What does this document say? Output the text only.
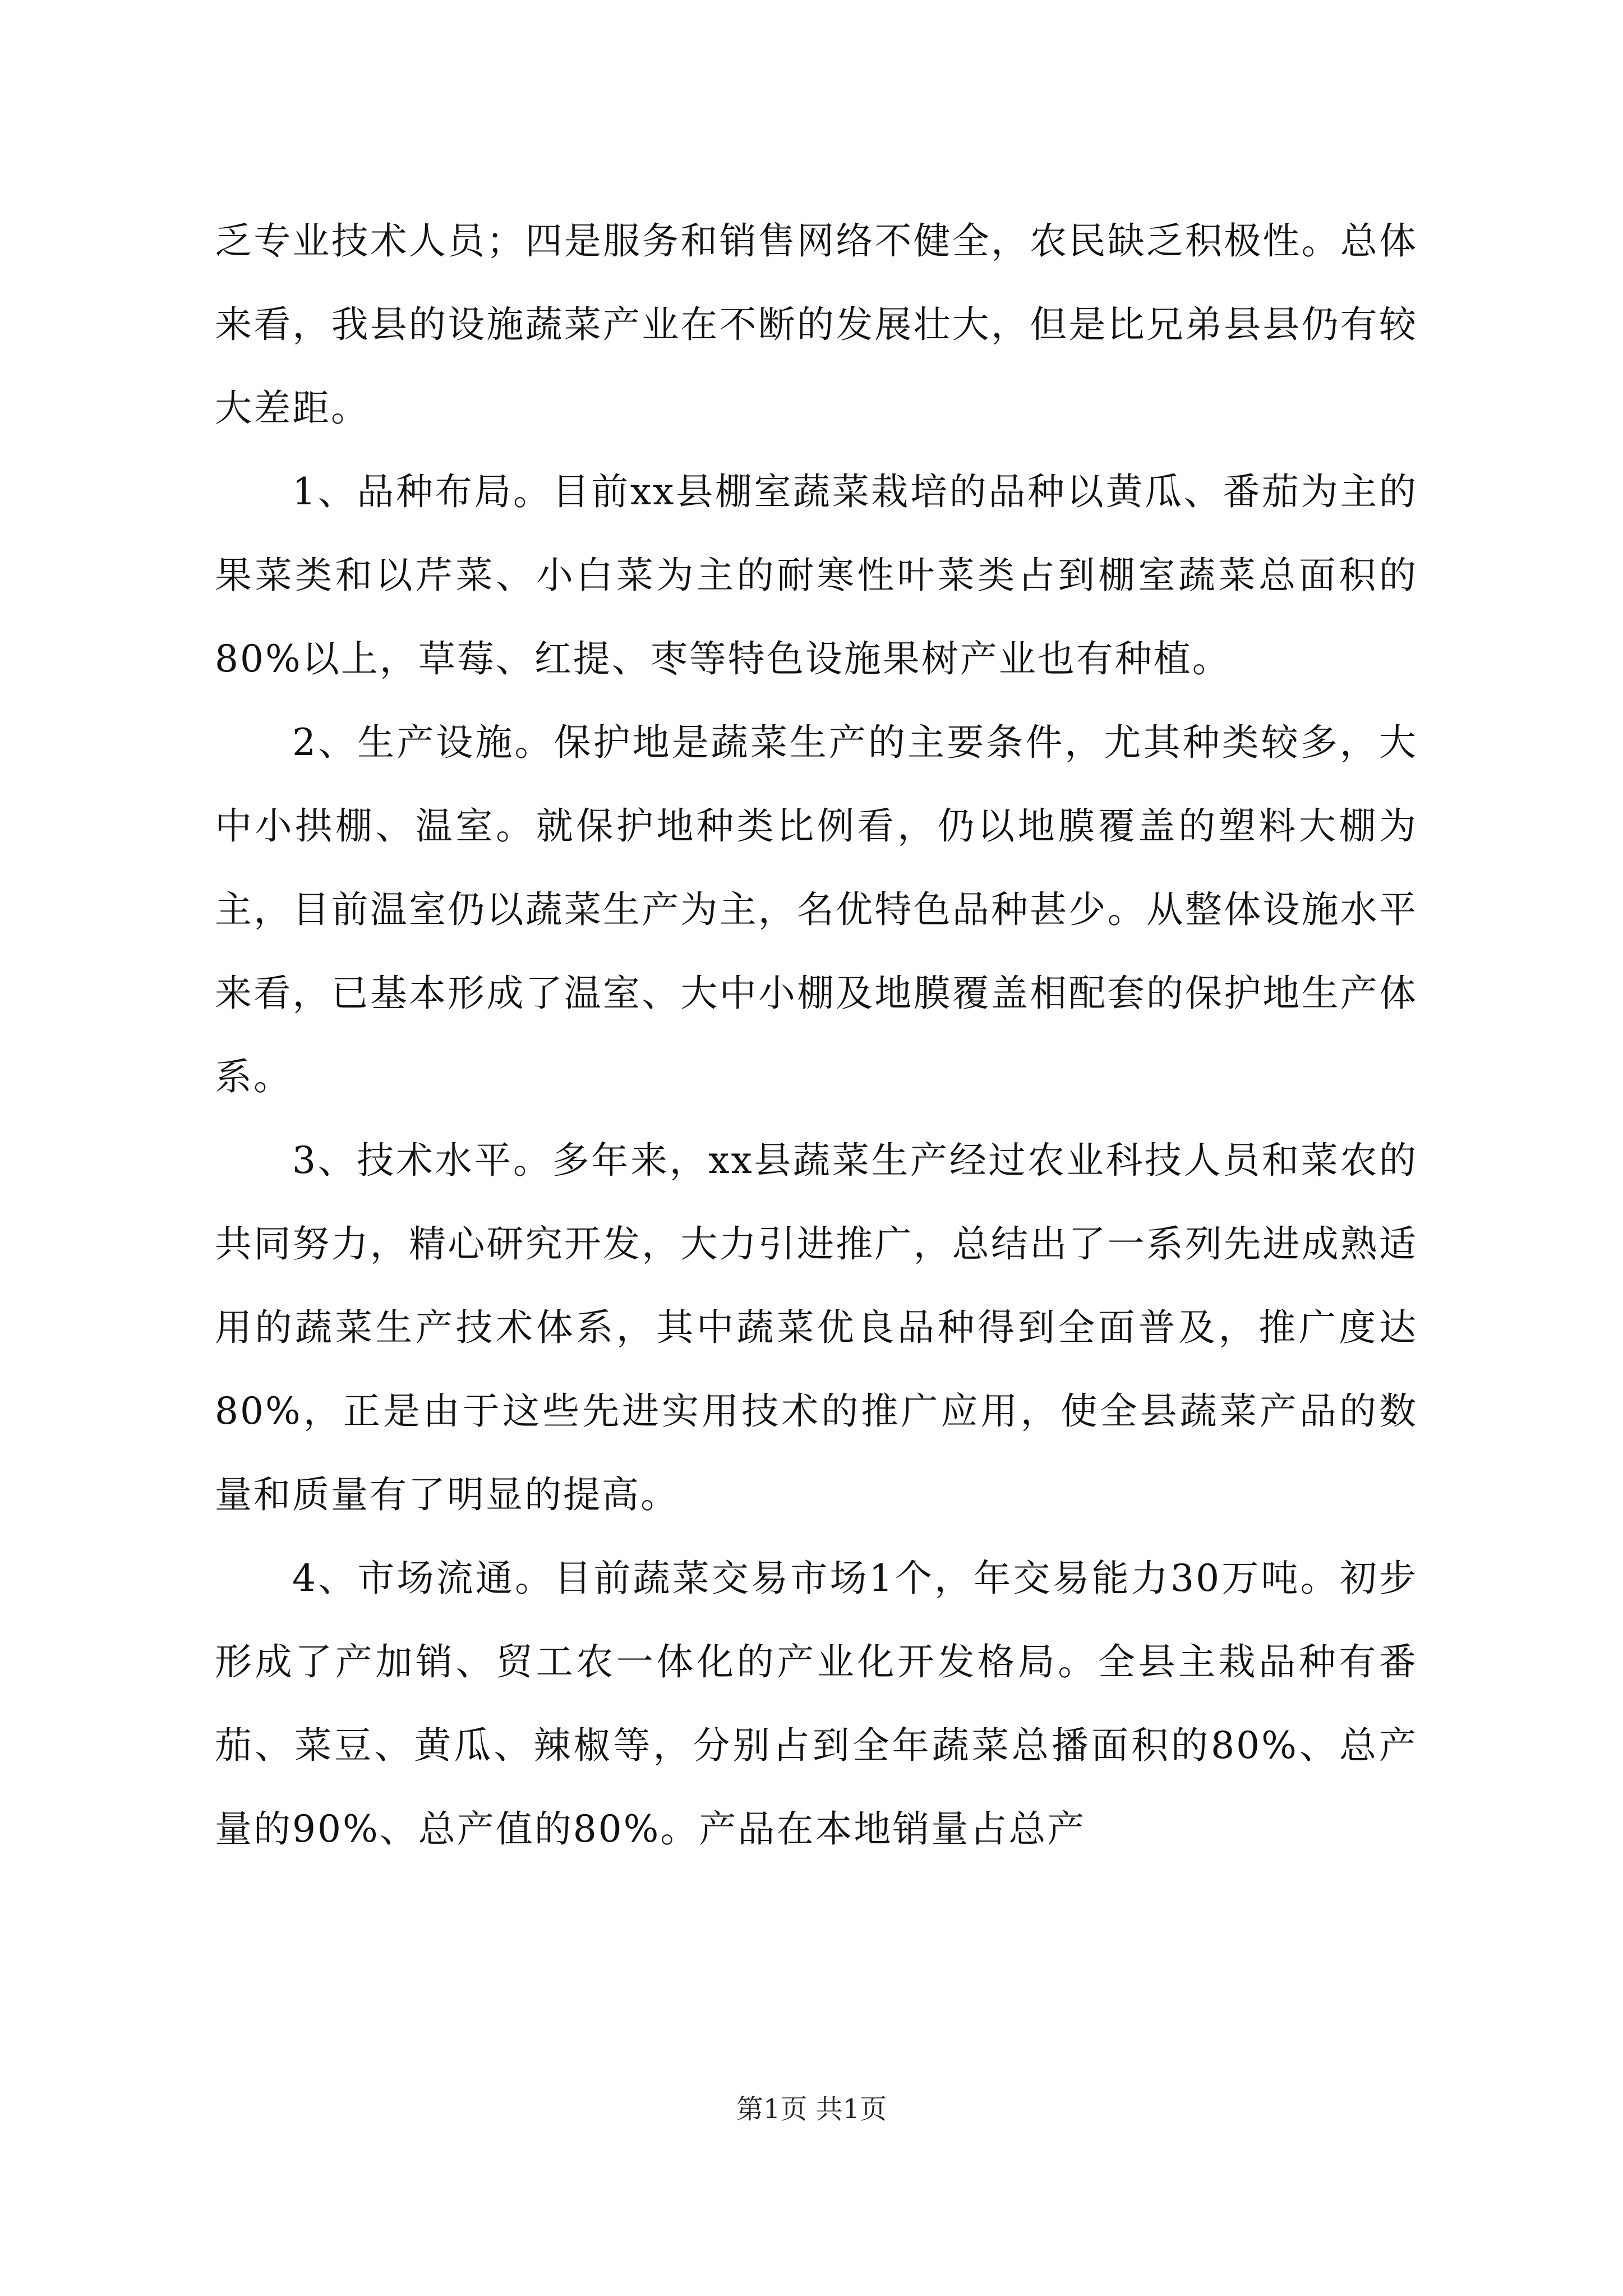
乏专业技术人员；四是服务和销售网络不健全，农民缺乏积极性。总体来看，我县的设施蔬菜产业在不断的发展壮大，但是比兄弟县县仍有较大差距。

1、品种布局。目前xx县棚室蔬菜栽培的品种以黄瓜、番茄为主的果菜类和以芹菜、小白菜为主的耐寒性叶菜类占到棚室蔬菜总面积的80%以上，草莓、红提、枣等特色设施果树产业也有种植。

2、生产设施。保护地是蔬菜生产的主要条件，尤其种类较多，大中小拱棚、温室。就保护地种类比例看，仍以地膜覆盖的塑料大棚为主，目前温室仍以蔬菜生产为主，名优特色品种甚少。从整体设施水平来看，已基本形成了温室、大中小棚及地膜覆盖相配套的保护地生产体系。

3、技术水平。多年来，xx县蔬菜生产经过农业科技人员和菜农的共同努力，精心研究开发，大力引进推广，总结出了一系列先进成熟适用的蔬菜生产技术体系，其中蔬菜优良品种得到全面普及，推广度达80%，正是由于这些先进实用技术的推广应用，使全县蔬菜产品的数量和质量有了明显的提高。

4、市场流通。目前蔬菜交易市场1个，年交易能力30万吨。初步形成了产加销、贸工农一体化的产业化开发格局。全县主栽品种有番茄、菜豆、黄瓜、辣椒等，分别占到全年蔬菜总播面积的80%、总产量的90%、总产值的80%。产品在本地销量占总产

第1页 共1页
